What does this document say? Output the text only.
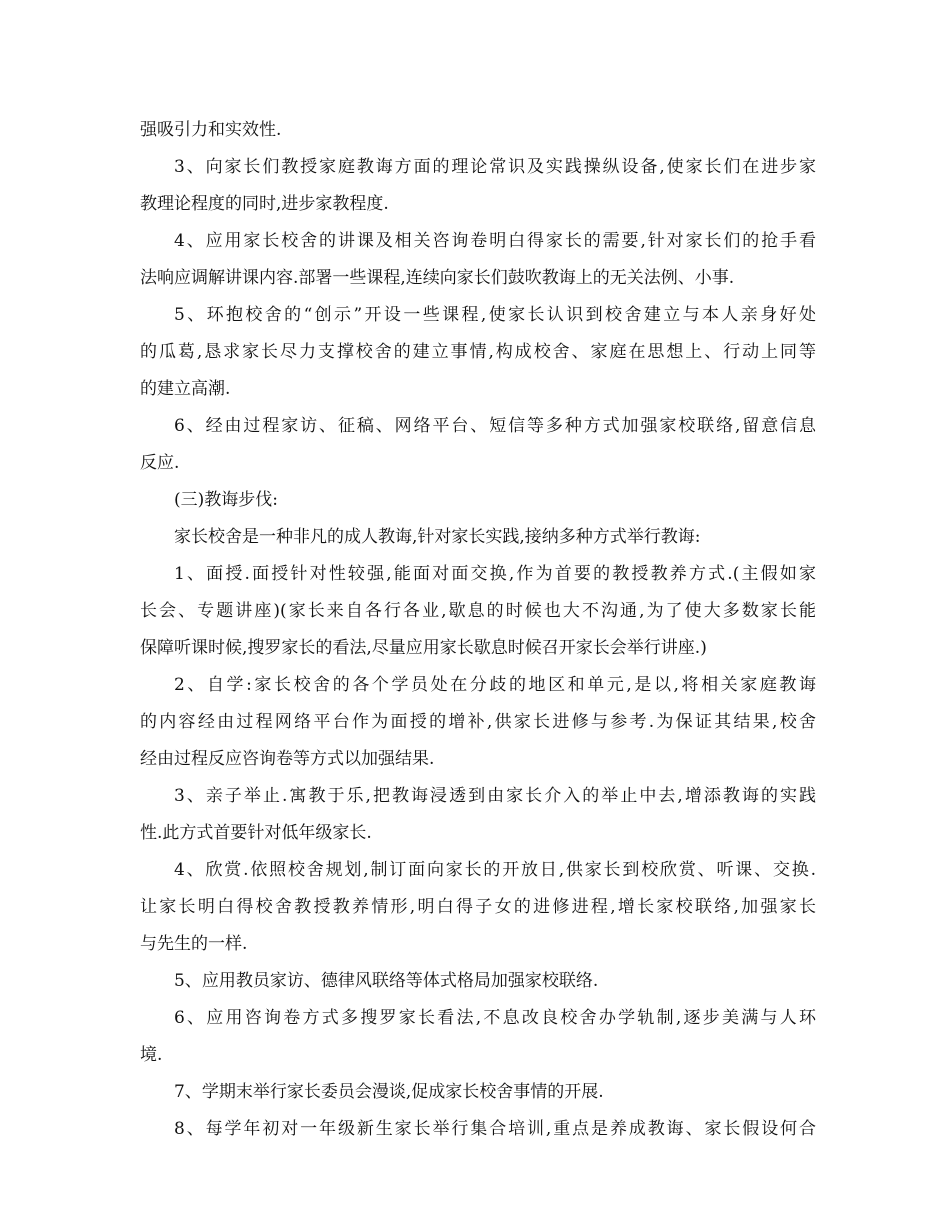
强吸引力和实效性.
3、向家长们教授家庭教诲方面的理论常识及实践操纵设备,使家长们在进步家
教理论程度的同时,进步家教程度.
4、应用家长校舍的讲课及相关咨询卷明白得家长的需要,针对家长们的抢手看
法响应调解讲课内容.部署一些课程,连续向家长们鼓吹教诲上的无关法例、小事.
5、环抱校舍的“创示”开设一些课程,使家长认识到校舍建立与本人亲身好处
的瓜葛,恳求家长尽力支撑校舍的建立事情,构成校舍、家庭在思想上、行动上同等
的建立高潮.
6、经由过程家访、征稿、网络平台、短信等多种方式加强家校联络,留意信息
反应.
(三)教诲步伐:
家长校舍是一种非凡的成人教诲,针对家长实践,接纳多种方式举行教诲:
1、面授.面授针对性较强,能面对面交换,作为首要的教授教养方式.(主假如家
长会、专题讲座)(家长来自各行各业,歇息的时候也大不沟通,为了使大多数家长能
保障听课时候,搜罗家长的看法,尽量应用家长歇息时候召开家长会举行讲座.)
2、自学:家长校舍的各个学员处在分歧的地区和单元,是以,将相关家庭教诲
的内容经由过程网络平台作为面授的增补,供家长进修与参考.为保证其结果,校舍
经由过程反应咨询卷等方式以加强结果.
3、亲子举止.寓教于乐,把教诲浸透到由家长介入的举止中去,增添教诲的实践
性.此方式首要针对低年级家长.
4、欣赏.依照校舍规划,制订面向家长的开放日,供家长到校欣赏、听课、交换.
让家长明白得校舍教授教养情形,明白得子女的进修进程,增长家校联络,加强家长
与先生的一样.
5、应用教员家访、德律风联络等体式格局加强家校联络.
6、应用咨询卷方式多搜罗家长看法,不息改良校舍办学轨制,逐步美满与人环
境.
7、学期末举行家长委员会漫谈,促成家长校舍事情的开展.
8、每学年初对一年级新生家长举行集合培训,重点是养成教诲、家长假设何合
